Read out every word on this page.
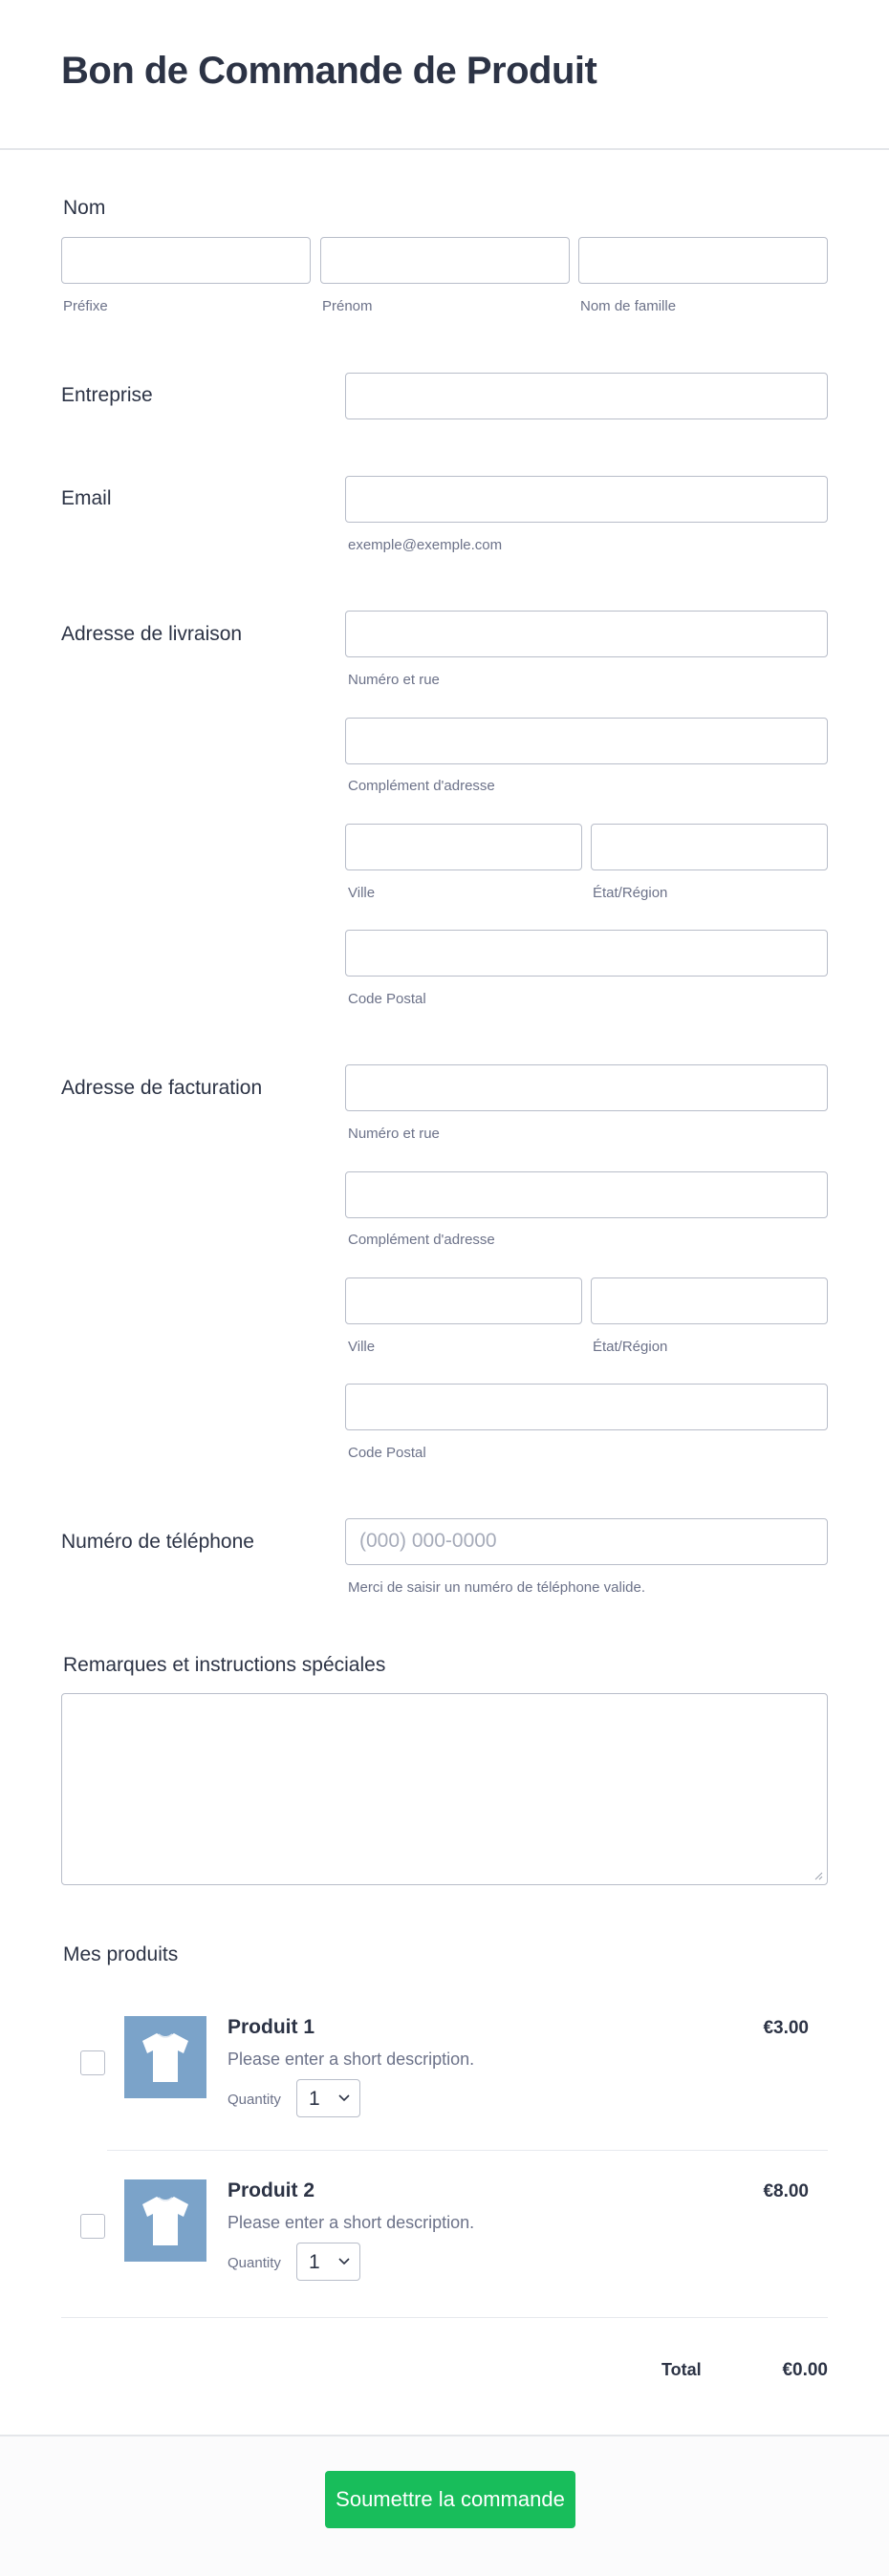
Bon de Commande de Produit
Nom
Préfixe	Prénom	Nom de famille
Entreprise
Email
exemple@exemple.com
Adresse de livraison
Numéro et rue
Complément d'adresse
Ville	État/Région
Code Postal
Adresse de facturation
Numéro et rue
Complément d'adresse
Ville	État/Région
Code Postal
Numéro de téléphone	(000) 000-0000
Merci de saisir un numéro de téléphone valide.
Remarques et instructions spéciales
Mes produits
Produit 1
Please enter a short description.
Quantity 1
€3.00
Produit 2
Please enter a short description.
Quantity 1
€8.00
Total	€0.00
Soumettre la commande
